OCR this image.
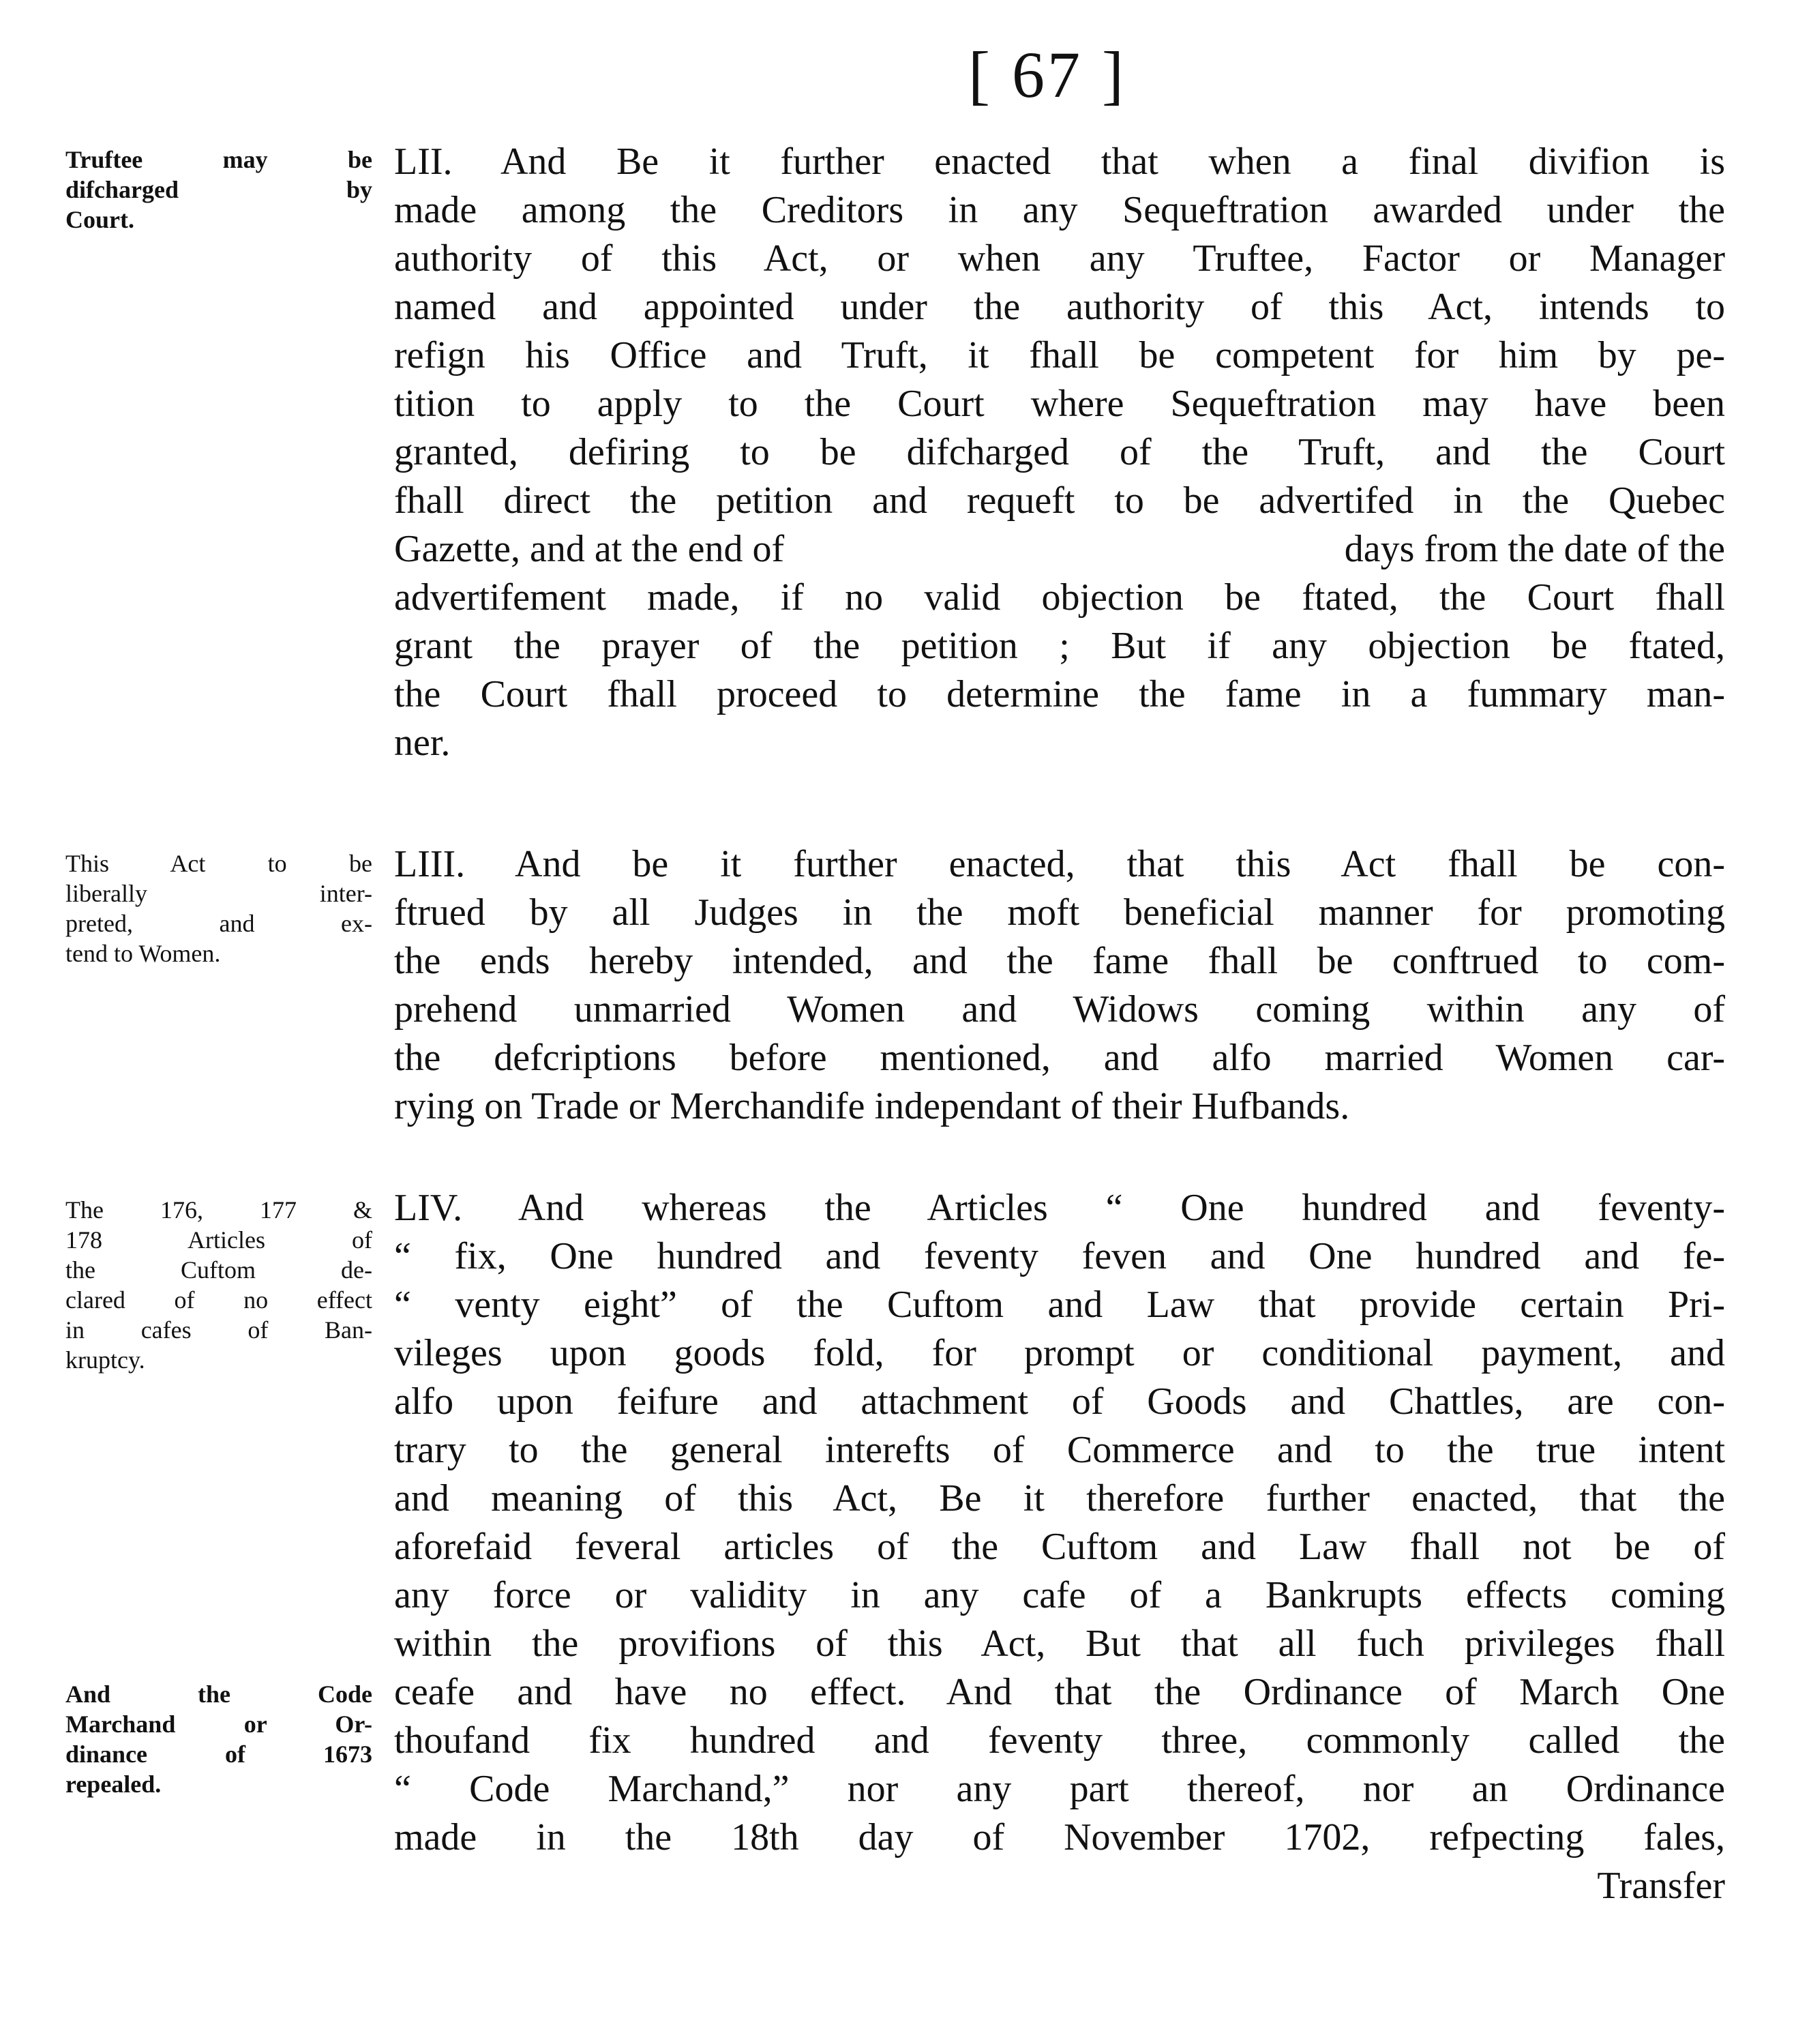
[ 67 ]
Truftee may be
difcharged by
Court.
This Act to be
liberally inter-
preted, and ex-
tend to Women.
The 176, 177 &
178 Articles of
the Cuftom de-
clared of no effect
in cafes of Ban-
kruptcy.
And the Code
Marchand or Or-
dinance of 1673
repealed.
LII. And Be it further enacted that when a final divifion is
made among the Creditors in any Sequeftration awarded under the
authority of this Act, or when any Truftee, Factor or Manager
named and appointed under the authority of this Act, intends to
refign his Office and Truft, it fhall be competent for him by pe-
tition to apply to the Court where Sequeftration may have been
granted, defiring to be difcharged of the Truft, and the Court
fhall direct the petition and requeft to be advertifed in the Quebec
Gazette, and at the end of	days from the date of the
advertifement made, if no valid objection be ftated, the Court fhall
grant the prayer of the petition ; But if any objection be ftated,
the Court fhall proceed to determine the fame in a fummary man-
ner.
LIII. And be it further enacted, that this Act fhall be con-
ftrued by all Judges in the moft beneficial manner for promoting
the ends hereby intended, and the fame fhall be conftrued to com-
prehend unmarried Women and Widows coming within any of
the defcriptions before mentioned, and alfo married Women car-
rying on Trade or Merchandife independant of their Hufbands.
LIV. And whereas the Articles “ One hundred and feventy-
“ fix, One hundred and feventy feven and One hundred and fe-
“ venty eight” of the Cuftom and Law that provide certain Pri-
vileges upon goods fold, for prompt or conditional payment, and
alfo upon feifure and attachment of Goods and Chattles, are con-
trary to the general interefts of Commerce and to the true intent
and meaning of this Act, Be it therefore further enacted, that the
aforefaid feveral articles of the Cuftom and Law fhall not be of
any force or validity in any cafe of a Bankrupts effects coming
within the provifions of this Act, But that all fuch privileges fhall
ceafe and have no effect. And that the Ordinance of March One
thoufand fix hundred and feventy three, commonly called the
“ Code Marchand,” nor any part thereof, nor an Ordinance
made in the 18th day of November 1702, refpecting fales,
Transfer
